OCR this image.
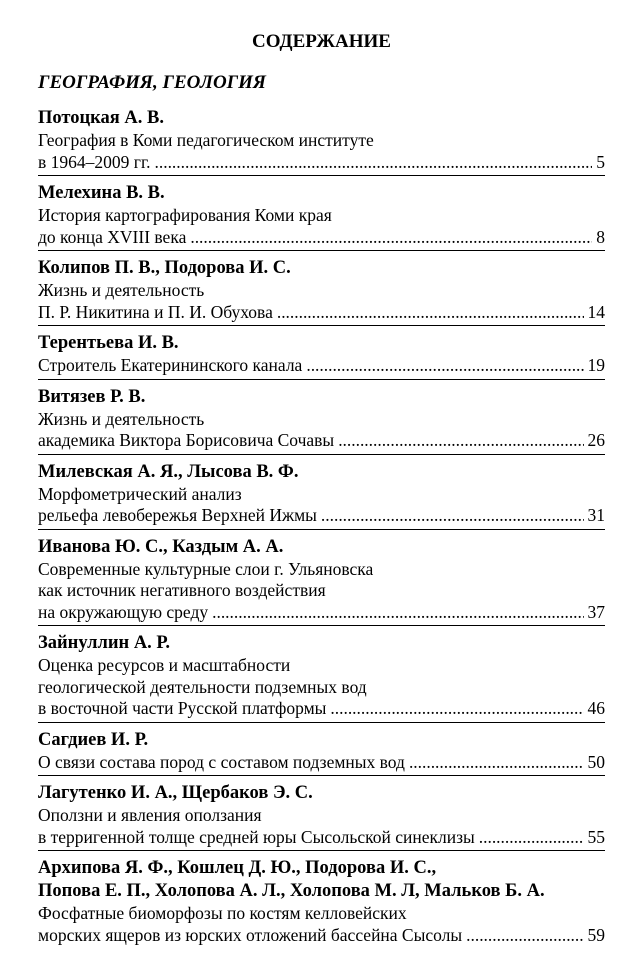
СОДЕРЖАНИЕ
ГЕОГРАФИЯ, ГЕОЛОГИЯ
Потоцкая А. В.
География в Коми педагогическом институте
в 1964–2009 гг. . . .	5
Мелехина В. В.
История картографирования Коми края
до конца XVIII века . . .	8
Колипов П. В., Подорова И. С.
Жизнь и деятельность
П. Р. Никитина и П. И. Обухова . . .	14
Терентьева И. В.
Строитель Екатерининского канала . . .	19
Витязев Р. В.
Жизнь и деятельность
академика Виктора Борисовича Сочавы . . .	26
Милевская А. Я., Лысова В. Ф.
Морфометрический анализ
рельефа левобережья Верхней Ижмы . . .	31
Иванова Ю. С., Каздым А. А.
Современные культурные слои г. Ульяновска
как источник негативного воздействия
на окружающую среду . . .	37
Зайнуллин А. Р.
Оценка ресурсов и масштабности
геологической деятельности подземных вод
в восточной части Русской платформы . . .	46
Сагдиев И. Р.
О связи состава пород с составом подземных вод . . .	50
Лагутенко И. А., Щербаков Э. С.
Оползни и явления оползания
в терригенной толще средней юры Сысольской синеклизы . . .	55
Архипова Я. Ф., Кошлец Д. Ю., Подорова И. С.,
Попова Е. П., Холопова А. Л., Холопова М. Л, Мальков Б. А.
Фосфатные биоморфозы по костям келловейских
морских ящеров из юрских отложений бассейна Сысолы . . .	59
